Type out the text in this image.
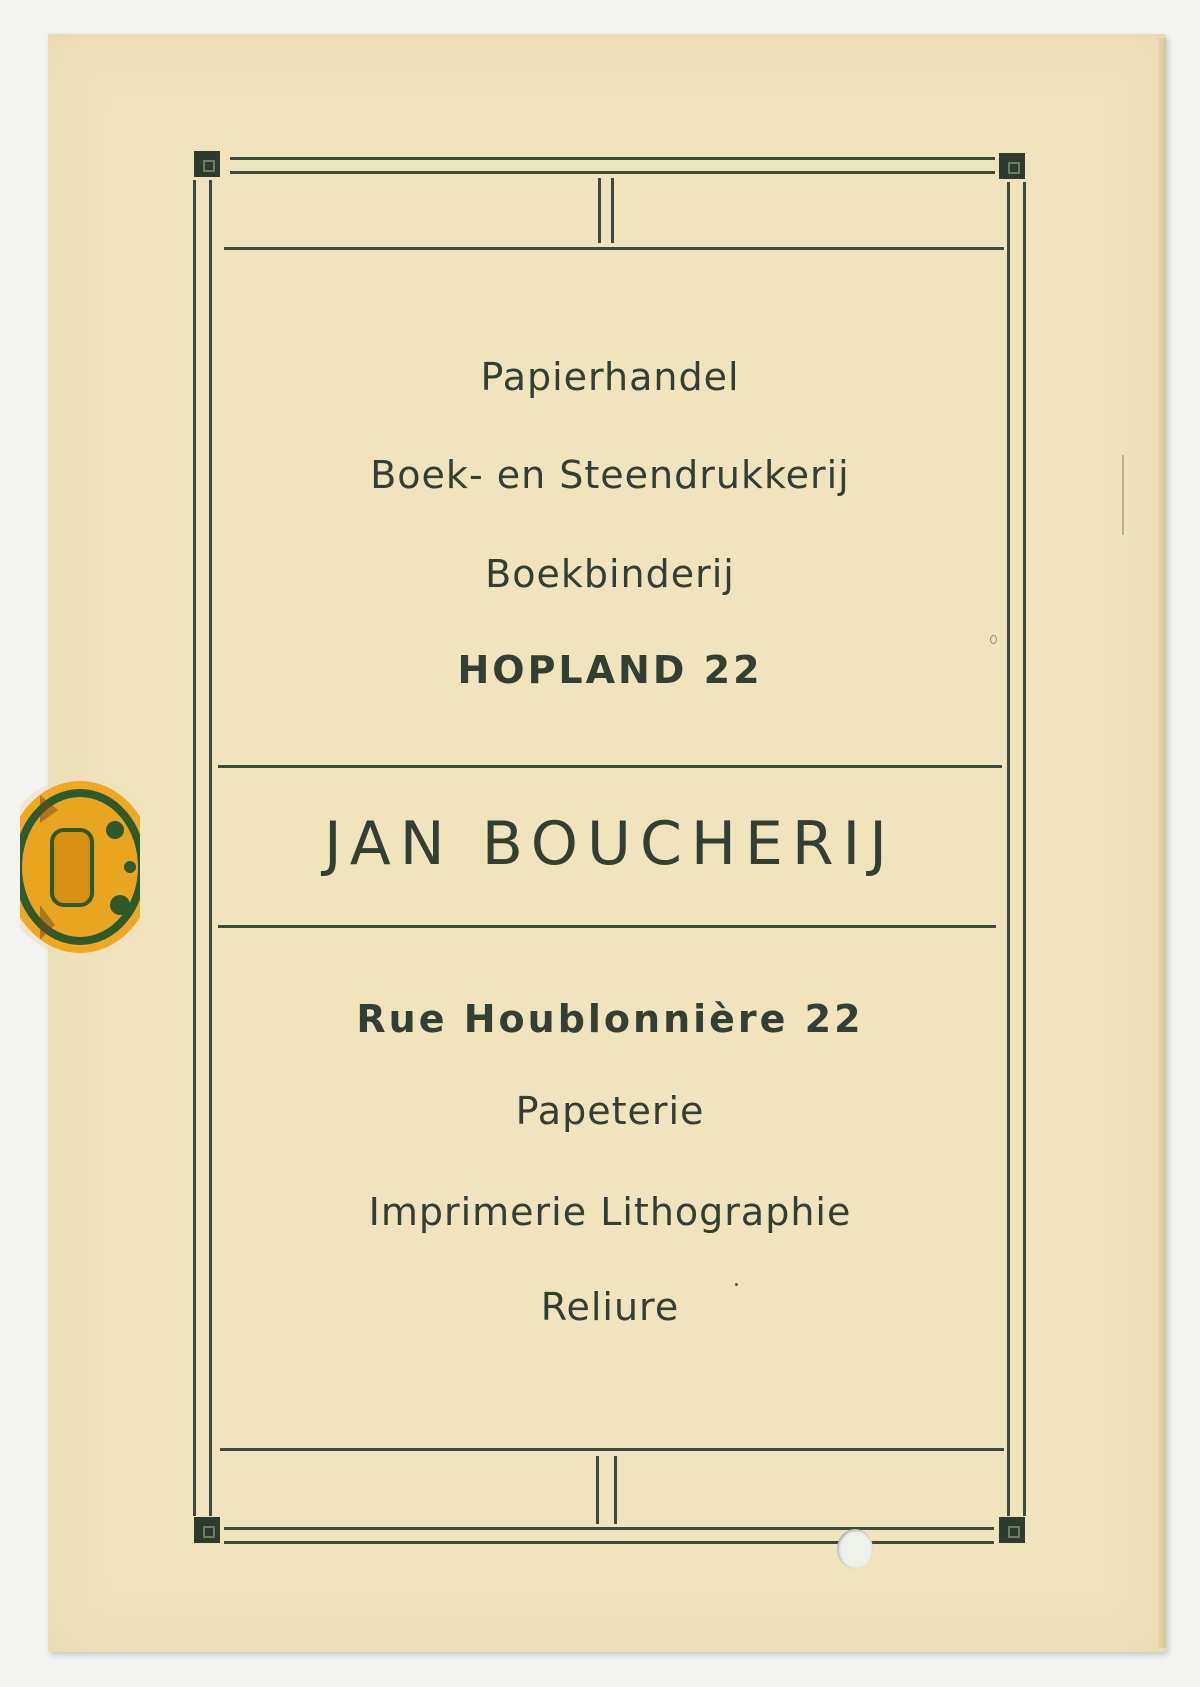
Papierhandel
Boek- en Steendrukkerij
Boekbinderij
HOPLAND 22
JAN BOUCHERIJ
Rue Houblonnière 22
Papeterie
Imprimerie Lithographie
Reliure
